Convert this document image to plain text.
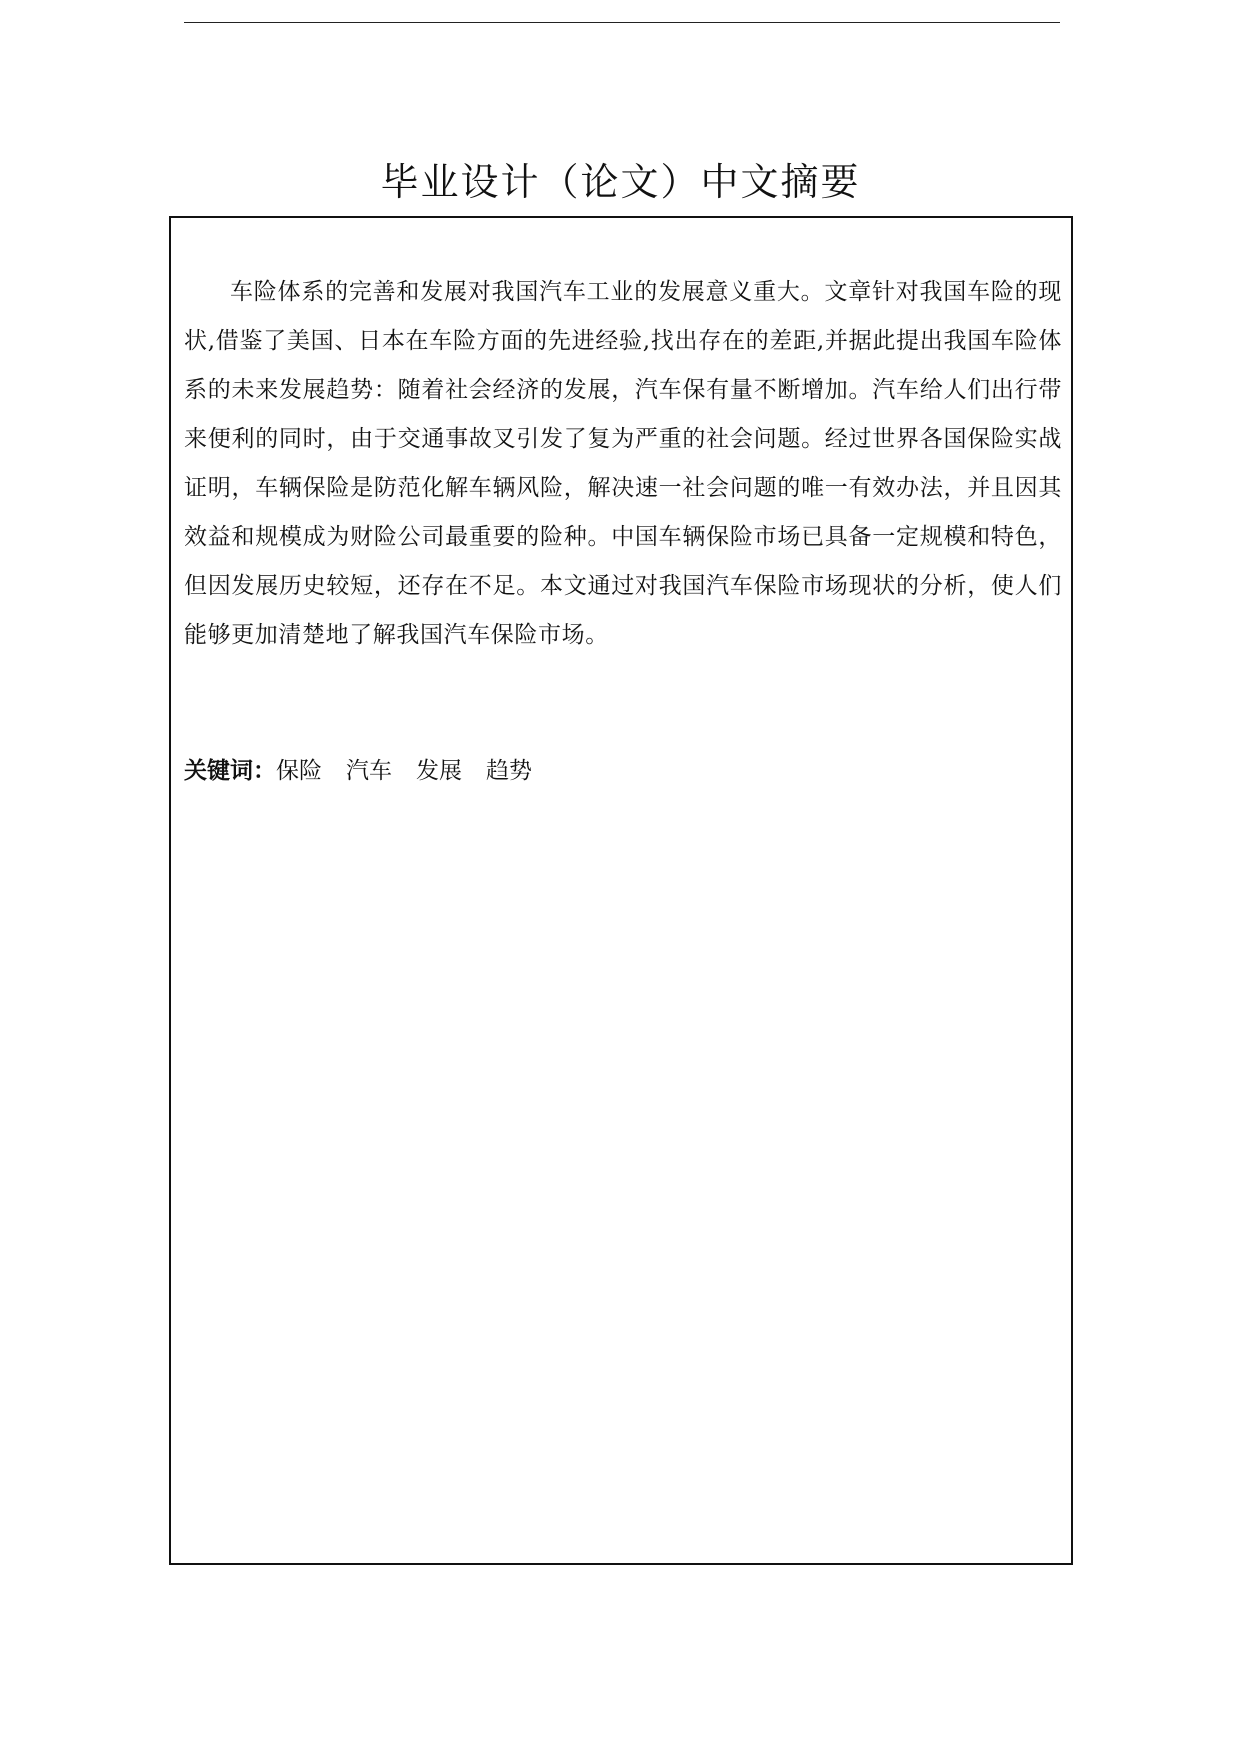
毕业设计（论文）中文摘要
车险体系的完善和发展对我国汽车工业的发展意义重大。文章针对我国车险的现状,借鉴了美国、日本在车险方面的先进经验,找出存在的差距,并据此提出我国车险体系的未来发展趋势：随着社会经济的发展，汽车保有量不断增加。汽车给人们出行带来便利的同时，由于交通事故叉引发了复为严重的社会问题。经过世界各国保险实战证明，车辆保险是防范化解车辆风险，解决速一社会问题的唯一有效办法，并且因其效益和规模成为财险公司最重要的险种。中国车辆保险市场已具备一定规模和特色，但因发展历史较短，还存在不足。本文通过对我国汽车保险市场现状的分析，使人们能够更加清楚地了解我国汽车保险市场。
关键词：保险 汽车 发展 趋势
